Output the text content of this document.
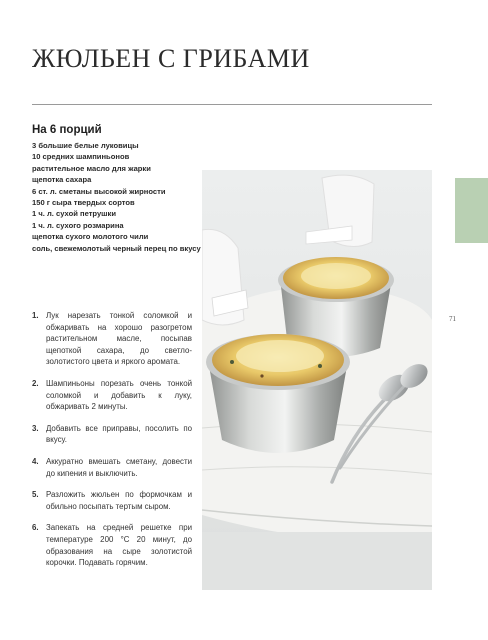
ЖЮЛЬЕН С ГРИБАМИ
На 6 порций
3 большие белые луковицы
10 средних шампиньонов
растительное масло для жарки
щепотка сахара
6 ст. л. сметаны высокой жирности
150 г сыра твердых сортов
1 ч. л. сухой петрушки
1 ч. л. сухого розмарина
щепотка сухого молотого чили
соль, свежемолотый черный перец по вкусу
1. Лук нарезать тонкой соломкой и обжаривать на хорошо разогретом растительном масле, посыпав щепоткой сахара, до светло-золотистого цвета и яркого аромата.
2. Шампиньоны порезать очень тонкой соломкой и добавить к луку, обжаривать 2 минуты.
3. Добавить все приправы, посолить по вкусу.
4. Аккуратно вмешать сметану, довести до кипения и выключить.
5. Разложить жюльен по формочкам и обильно посыпать тертым сыром.
6. Запекать на средней решетке при температуре 200 °С 20 минут, до образования на сыре золотистой корочки. Подавать горячим.
71
